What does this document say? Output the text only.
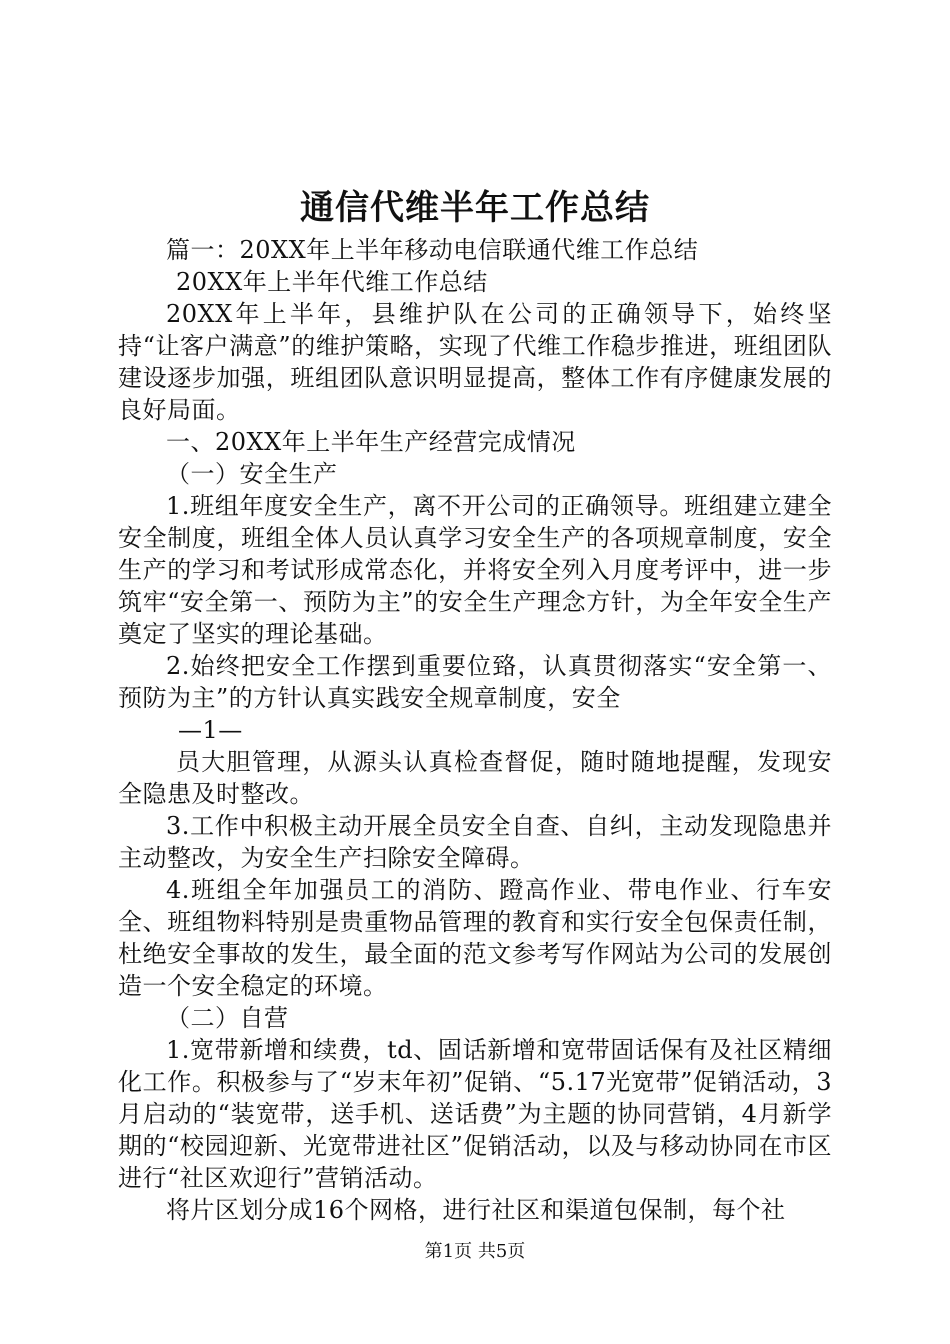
通信代维半年工作总结

篇一：20XX年上半年移动电信联通代维工作总结

20XX年上半年代维工作总结

20XX年上半年，县维护队在公司的正确领导下，始终坚持“让客户满意”的维护策略，实现了代维工作稳步推进，班组团队建设逐步加强，班组团队意识明显提高，整体工作有序健康发展的良好局面。

一、20XX年上半年生产经营完成情况

（一）安全生产

1.班组年度安全生产，离不开公司的正确领导。班组建立建全安全制度，班组全体人员认真学习安全生产的各项规章制度，安全生产的学习和考试形成常态化，并将安全列入月度考评中，进一步筑牢“安全第一、预防为主”的安全生产理念方针，为全年安全生产奠定了坚实的理论基础。

2.始终把安全工作摆到重要位臵，认真贯彻落实“安全第一、预防为主”的方针认真实践安全规章制度，安全

—1—

员大胆管理，从源头认真检查督促，随时随地提醒，发现安全隐患及时整改。

3.工作中积极主动开展全员安全自查、自纠，主动发现隐患并主动整改，为安全生产扫除安全障碍。

4.班组全年加强员工的消防、蹬高作业、带电作业、行车安全、班组物料特别是贵重物品管理的教育和实行安全包保责任制，杜绝安全事故的发生，最全面的范文参考写作网站为公司的发展创造一个安全稳定的环境。

（二）自营

1.宽带新增和续费，td、固话新增和宽带固话保有及社区精细化工作。积极参与了“岁末年初”促销、“5.17光宽带”促销活动，3月启动的“装宽带，送手机、送话费”为主题的协同营销，4月新学期的“校园迎新、光宽带进社区”促销活动，以及与移动协同在市区进行“社区欢迎行”营销活动。

将片区划分成16个网格，进行社区和渠道包保制，每个社

第1页 共5页
